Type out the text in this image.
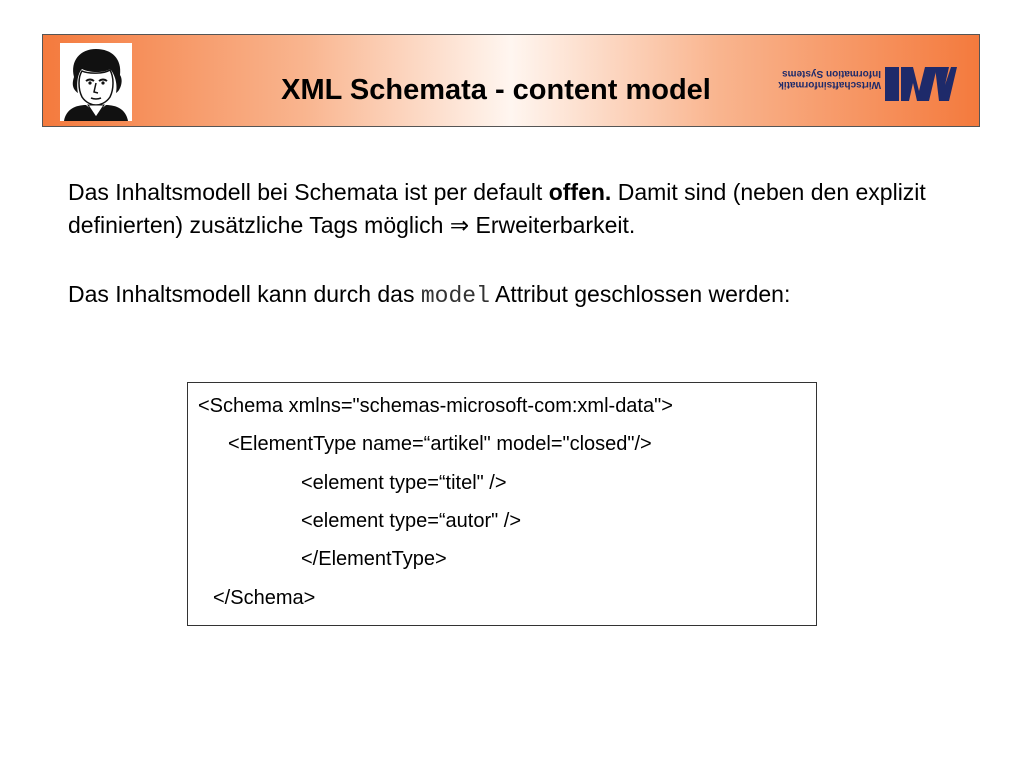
XML Schemata - content model	Wirtschaftsinformatik
Information Systems
Das Inhaltsmodell bei Schemata ist per default offen. Damit sind (neben den explizit definierten) zusätzliche Tags möglich ⇒ Erweiterbarkeit.
Das Inhaltsmodell kann durch das model Attribut geschlossen werden:
<Schema xmlns="schemas-microsoft-com:xml-data">
<ElementType name=“artikel" model="closed"/>
<element type=“titel" />
<element type=“autor" />
</ElementType>
</Schema>
